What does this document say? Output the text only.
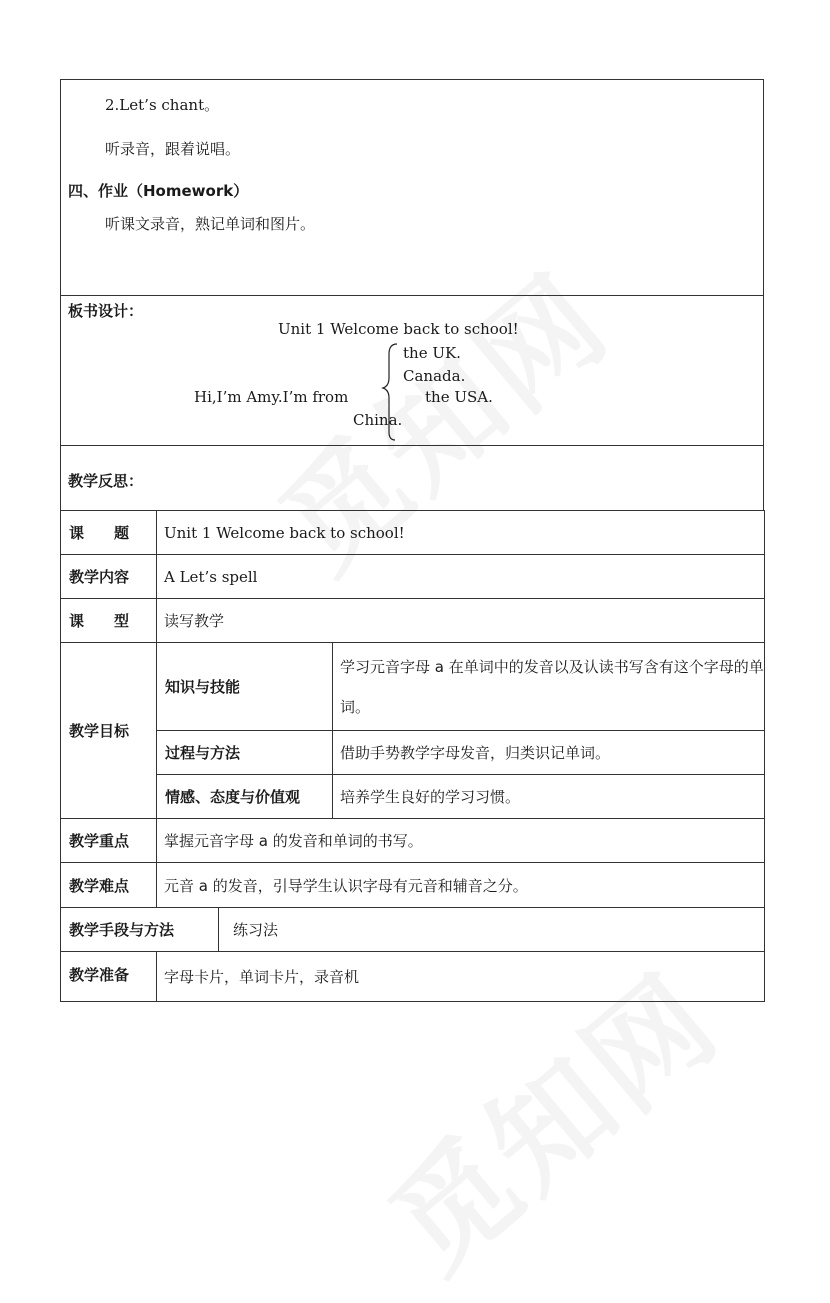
2.Let’s chant。
听录音，跟着说唱。
四、作业（Homework）
听课文录音，熟记单词和图片。

板书设计：
Unit 1 Welcome back to school!
the UK.
Canada.
Hi,I’m Amy.I’m from	the USA.
China.

教学反思：
课　　题	Unit 1 Welcome back to school!		
教学内容	A Let’s spell		
课　　型	读写教学		
教学目标	知识与技能		学习元音字母 a 在单词中的发音以及认读书写含有这个字母的单词。
	过程与方法		借助手势教学字母发音，归类识记单词。
	情感、态度与价值观		培养学生良好的学习习惯。
教学重点	掌握元音字母 a 的发音和单词的书写。		
教学难点	元音 a 的发音，引导学生认识字母有元音和辅音之分。		
教学手段与方法		练习法	
教学准备	字母卡片，单词卡片，录音机		
